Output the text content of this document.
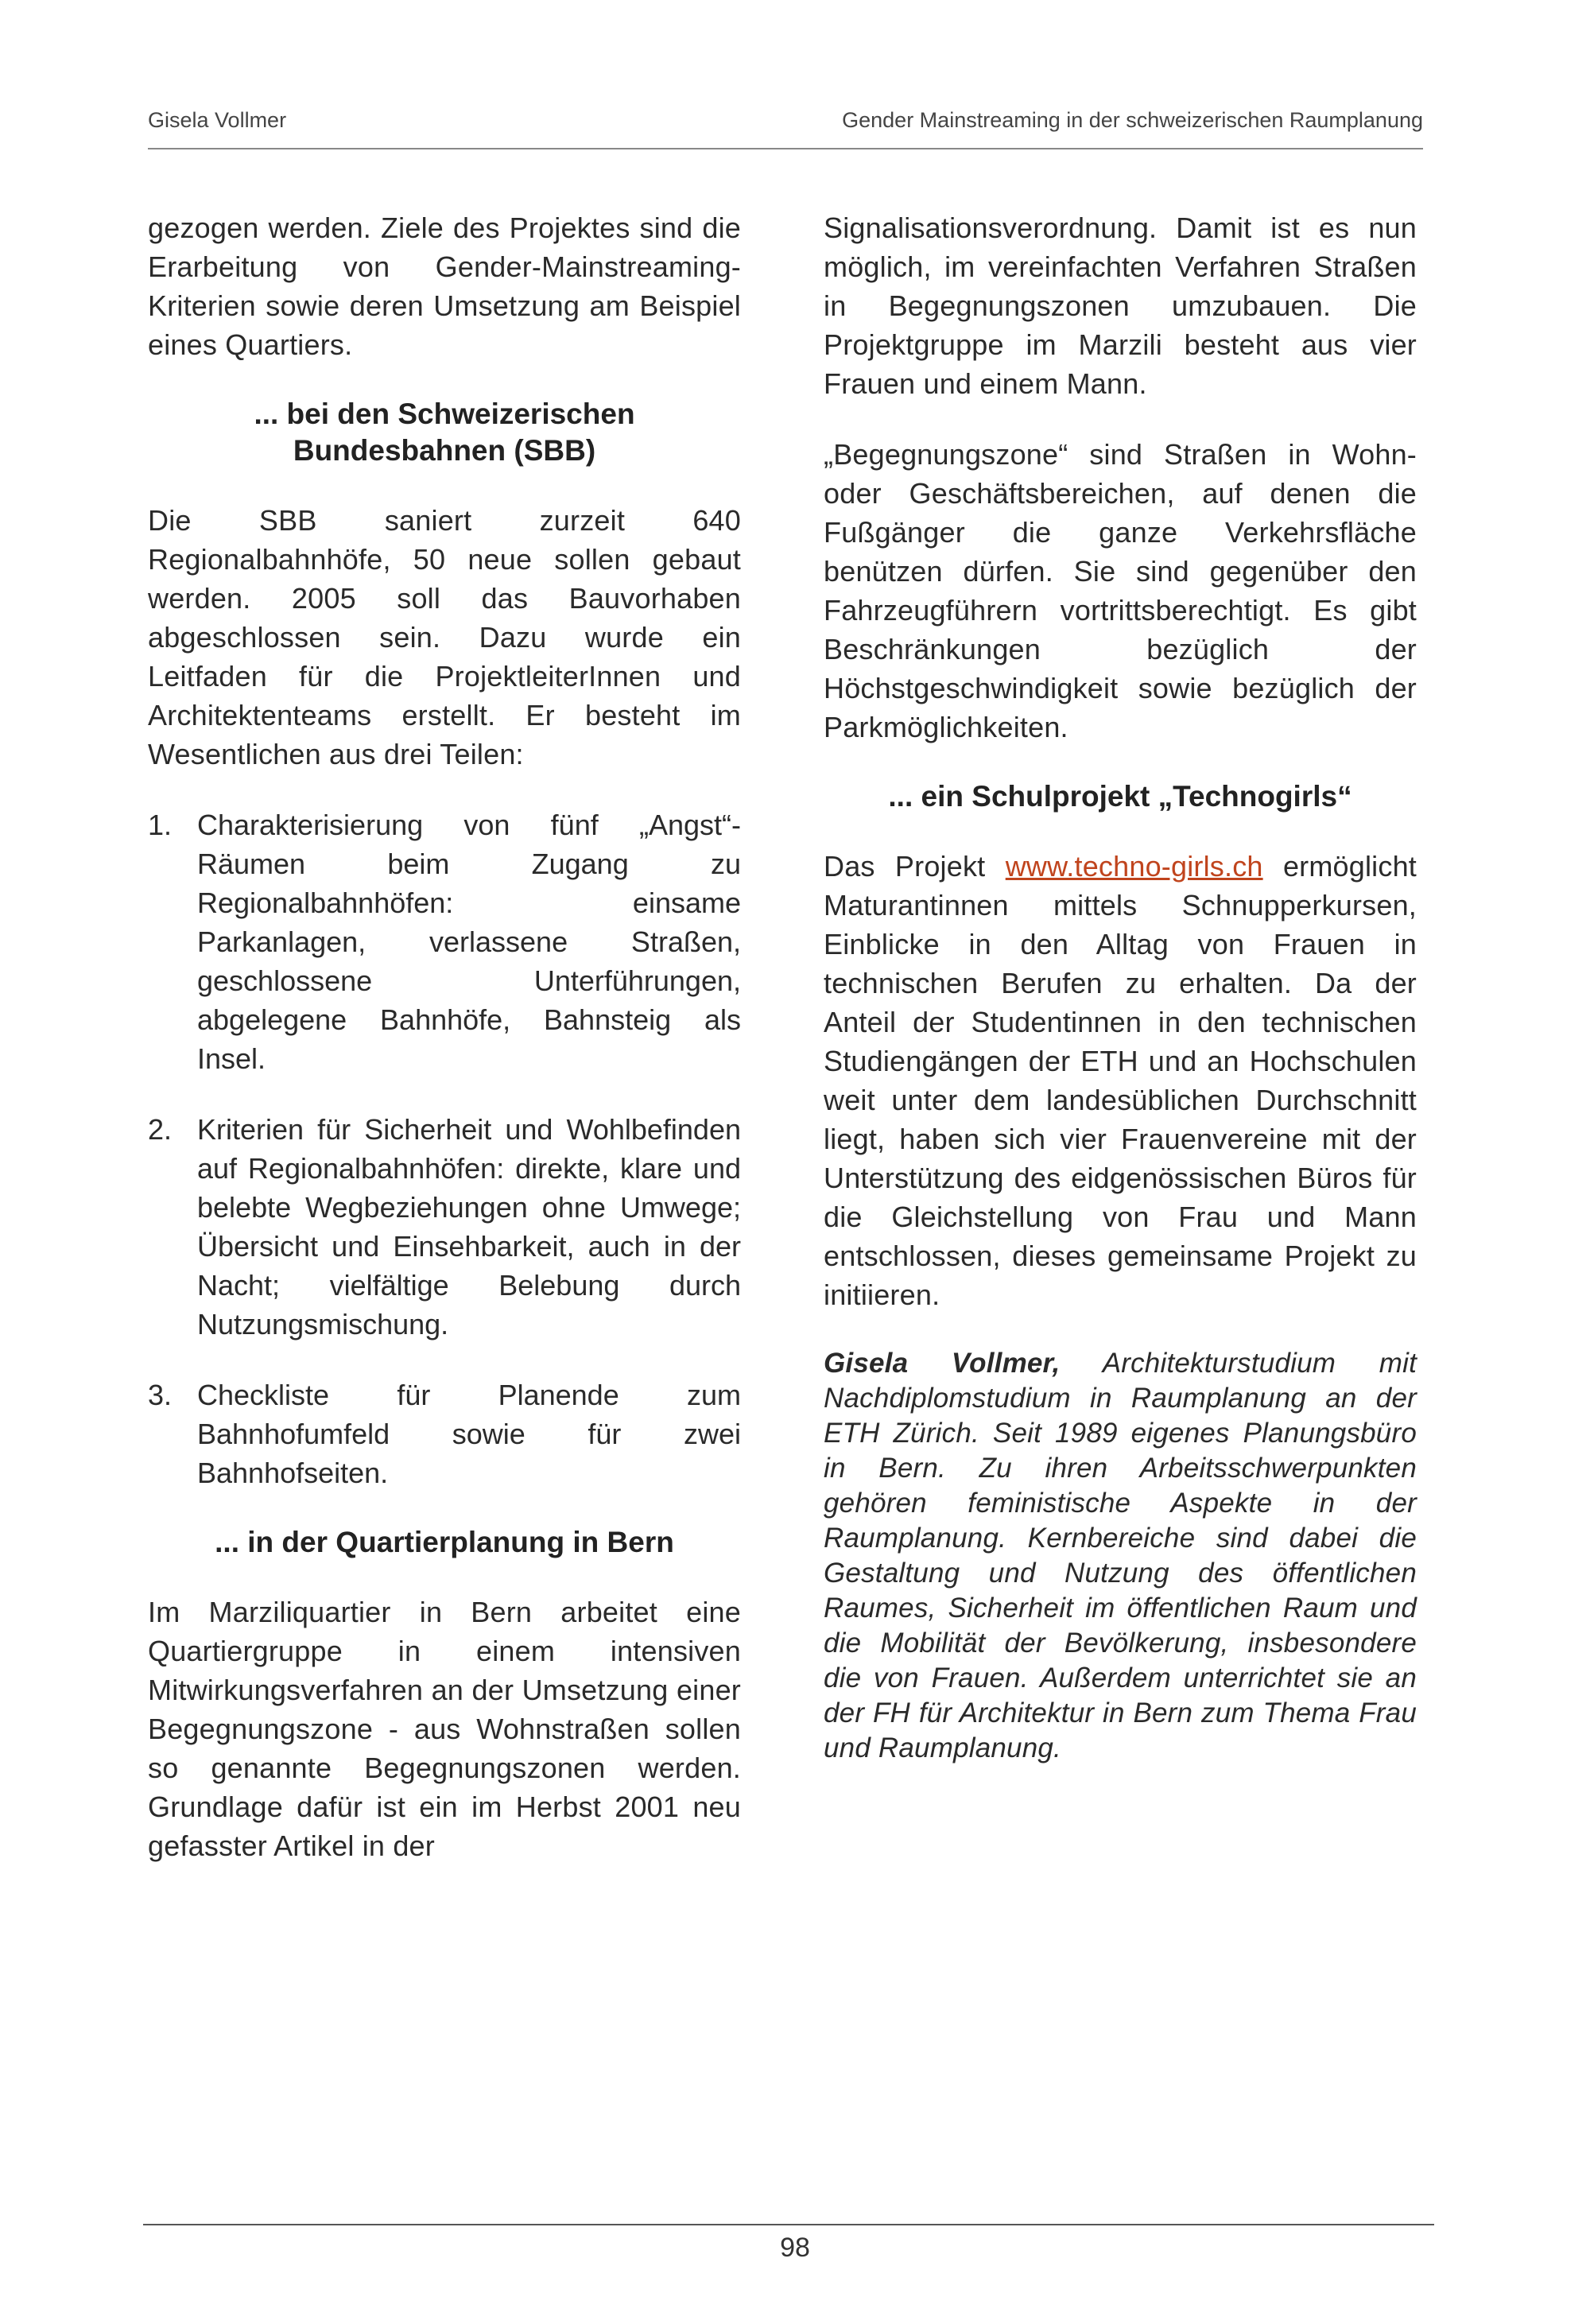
Gisela Vollmer	Gender Mainstreaming in der schweizerischen Raumplanung

gezogen werden. Ziele des Projektes sind die Erarbeitung von Gender-Mainstreaming-Kriterien sowie deren Umsetzung am Beispiel eines Quartiers.

... bei den Schweizerischen Bundesbahnen (SBB)

Die SBB saniert zurzeit 640 Regionalbahnhöfe, 50 neue sollen gebaut werden. 2005 soll das Bauvorhaben abgeschlossen sein. Dazu wurde ein Leitfaden für die ProjektleiterInnen und Architektenteams erstellt. Er besteht im Wesentlichen aus drei Teilen:

1. Charakterisierung von fünf „Angst“-Räumen beim Zugang zu Regionalbahnhöfen: einsame Parkanlagen, verlassene Straßen, geschlossene Unterführungen, abgelegene Bahnhöfe, Bahnsteig als Insel.
2. Kriterien für Sicherheit und Wohlbefinden auf Regionalbahnhöfen: direkte, klare und belebte Wegbeziehungen ohne Umwege; Übersicht und Einsehbarkeit, auch in der Nacht; vielfältige Belebung durch Nutzungsmischung.
3. Checkliste für Planende zum Bahnhofumfeld sowie für zwei Bahnhofseiten.
... in der Quartierplanung in Bern

Im Marziliquartier in Bern arbeitet eine Quartiergruppe in einem intensiven Mitwirkungsverfahren an der Umsetzung einer Begegnungszone - aus Wohnstraßen sollen so genannte Begegnungszonen werden. Grundlage dafür ist ein im Herbst 2001 neu gefasster Artikel in der

Signalisationsverordnung. Damit ist es nun möglich, im vereinfachten Verfahren Straßen in Begegnungszonen umzubauen. Die Projektgruppe im Marzili besteht aus vier Frauen und einem Mann.

„Begegnungszone“ sind Straßen in Wohn- oder Geschäftsbereichen, auf denen die Fußgänger die ganze Verkehrsfläche benützen dürfen. Sie sind gegenüber den Fahrzeugführern vortrittsberechtigt. Es gibt Beschränkungen bezüglich der Höchstgeschwindigkeit sowie bezüglich der Parkmöglichkeiten.

... ein Schulprojekt „Technogirls“

Das Projekt www.techno-girls.ch ermöglicht Maturantinnen mittels Schnupperkursen, Einblicke in den Alltag von Frauen in technischen Berufen zu erhalten. Da der Anteil der Studentinnen in den technischen Studiengängen der ETH und an Hochschulen weit unter dem landesüblichen Durchschnitt liegt, haben sich vier Frauenvereine mit der Unterstützung des eidgenössischen Büros für die Gleichstellung von Frau und Mann entschlossen, dieses gemeinsame Projekt zu initiieren.

Gisela Vollmer, Architekturstudium mit Nachdiplomstudium in Raumplanung an der ETH Zürich. Seit 1989 eigenes Planungsbüro in Bern. Zu ihren Arbeitsschwerpunkten gehören feministische Aspekte in der Raumplanung. Kernbereiche sind dabei die Gestaltung und Nutzung des öffentlichen Raumes, Sicherheit im öffentlichen Raum und die Mobilität der Bevölkerung, insbesondere die von Frauen. Außerdem unterrichtet sie an der FH für Architektur in Bern zum Thema Frau und Raumplanung.

98
